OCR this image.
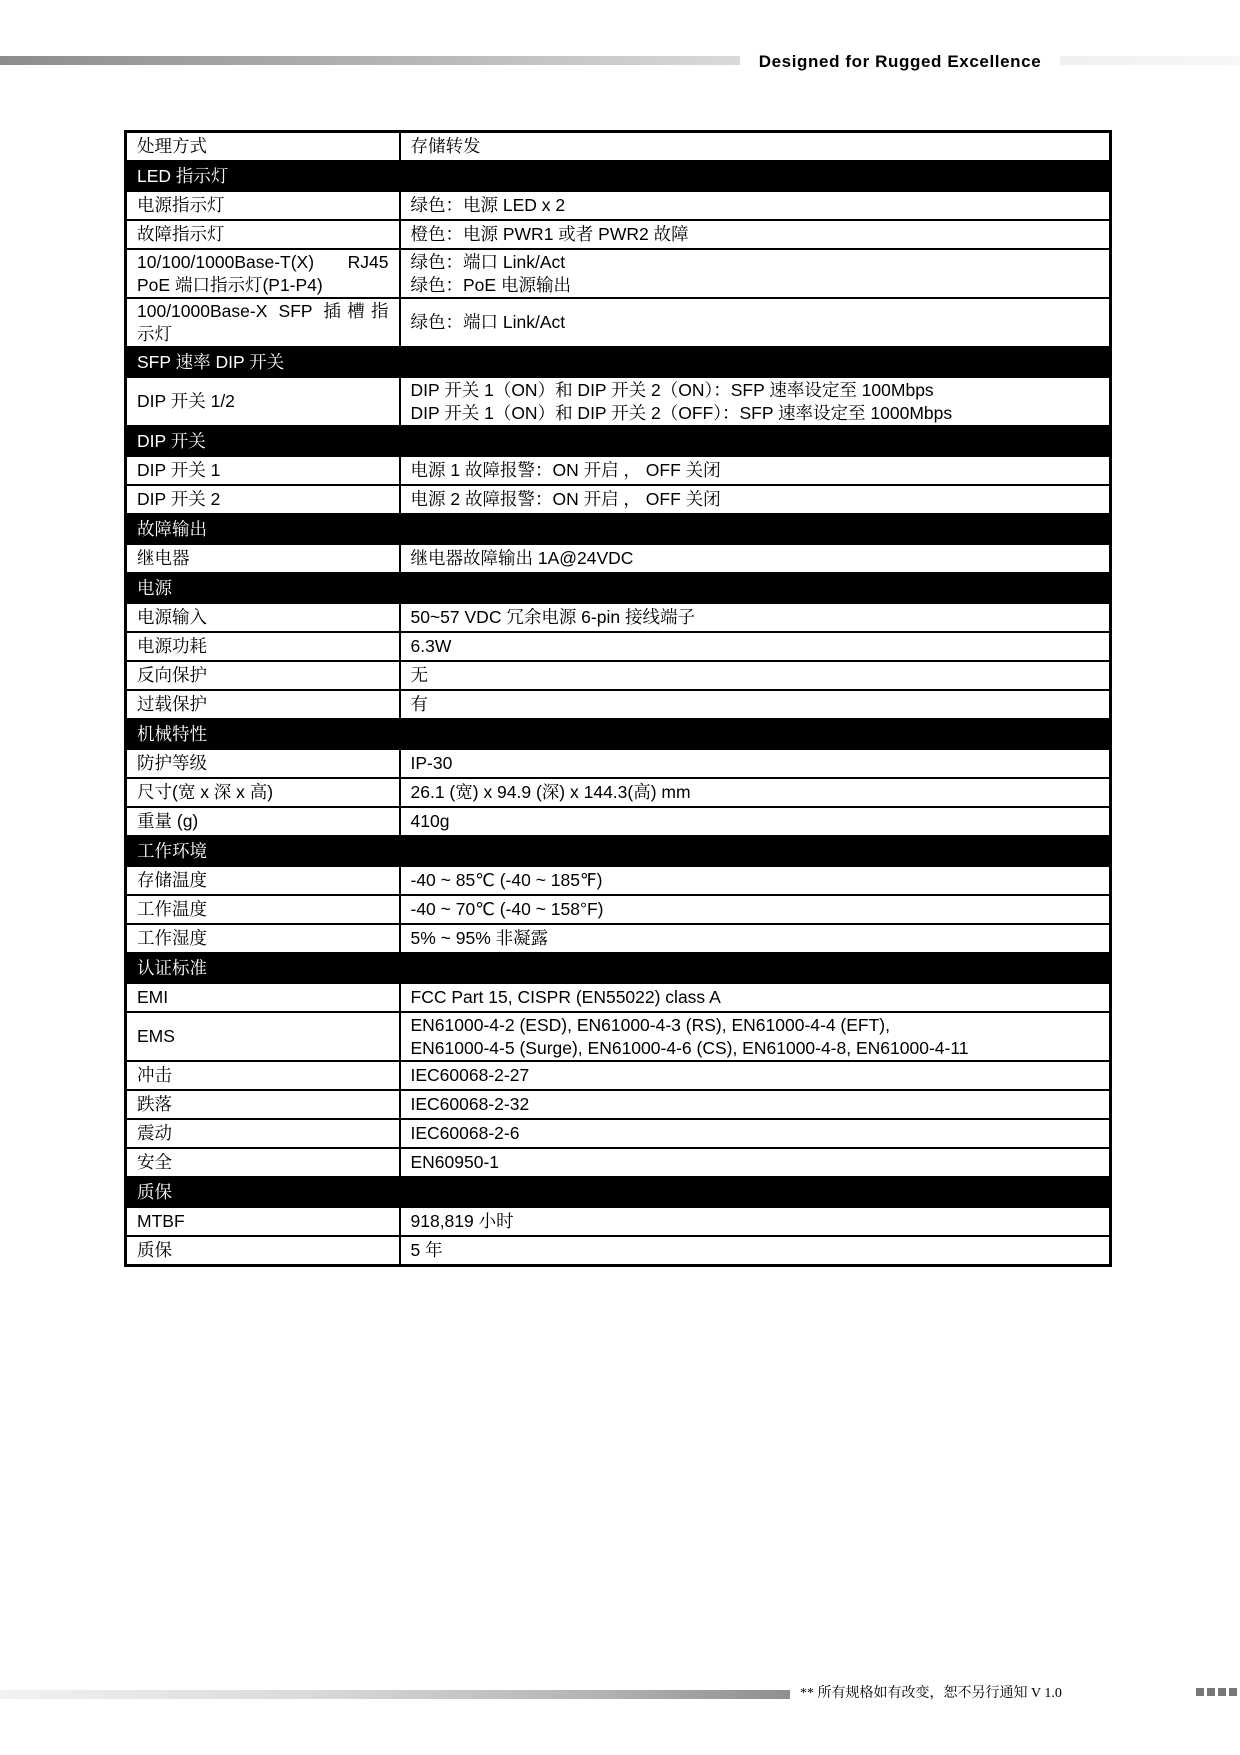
Designed for Rugged Excellence
处理方式	存储转发

LED 指示灯	
电源指示灯	绿色：电源 LED x 2

故障指示灯	橙色：电源 PWR1 或者 PWR2 故障

10/100/1000Base-T(X) RJ45
PoE 端口指示灯(P1-P4)	绿色：端口 Link/Act
绿色：PoE 电源输出

100/1000Base-X SFP 插槽指
示灯	绿色：端口 Link/Act

SFP 速率 DIP 开关	
DIP 开关 1/2	DIP 开关 1（ON）和 DIP 开关 2（ON）：SFP 速率设定至 100Mbps
DIP 开关 1（ON）和 DIP 开关 2（OFF）：SFP 速率设定至 1000Mbps

DIP 开关	
DIP 开关 1	电源 1 故障报警：ON 开启 ， OFF 关闭

DIP 开关 2	电源 2 故障报警：ON 开启 ， OFF 关闭

故障输出	
继电器	继电器故障输出 1A@24VDC

电源	
电源输入	50~57 VDC 冗余电源 6-pin 接线端子

电源功耗	6.3W

反向保护	无

过载保护	有

机械特性	
防护等级	IP-30

尺寸(宽 x 深 x 高)	26.1 (宽) x 94.9 (深) x 144.3(高) mm

重量 (g)	410g

工作环境	
存储温度	-40 ~ 85℃ (-40 ~ 185℉)

工作温度	-40 ~ 70℃ (-40 ~ 158°F)

工作湿度	5% ~ 95% 非凝露

认证标准	
EMI	FCC Part 15, CISPR (EN55022) class A

EMS	EN61000-4-2 (ESD), EN61000-4-3 (RS), EN61000-4-4 (EFT),
EN61000-4-5 (Surge), EN61000-4-6 (CS), EN61000-4-8, EN61000-4-11

冲击	IEC60068-2-27

跌落	IEC60068-2-32

震动	IEC60068-2-6

安全	EN60950-1

质保	
MTBF	918,819 小时

质保	5 年
** 所有规格如有改变，恕不另行通知 V 1.0
